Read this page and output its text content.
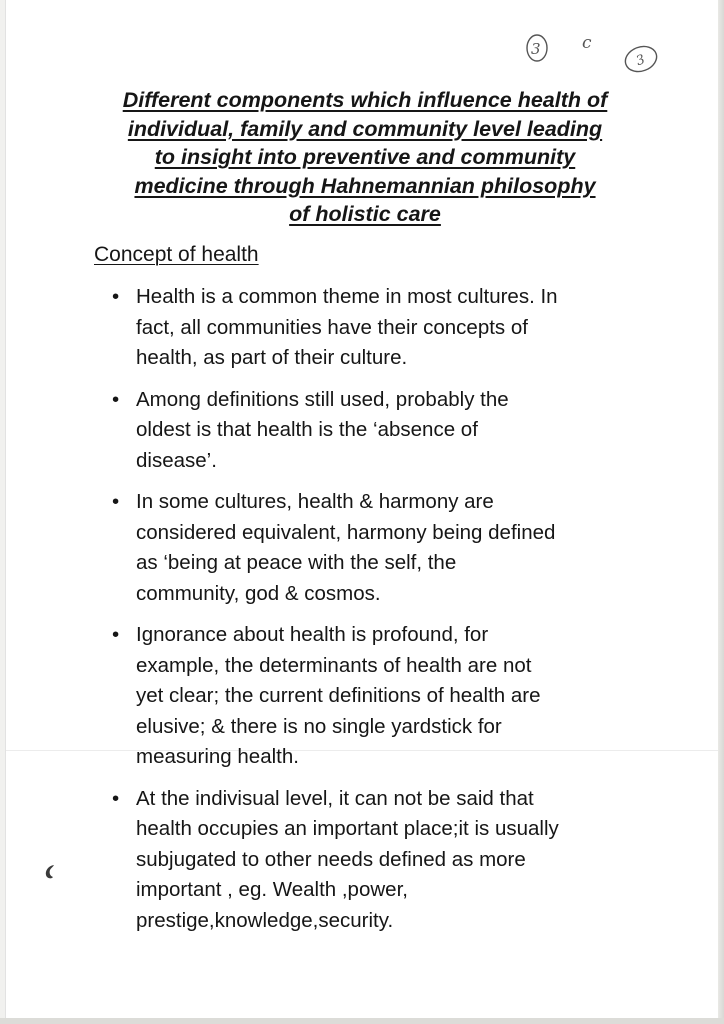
3 c
3
Different components which influence health of
individual, family and community level leading
to insight into preventive and community
medicine through Hahnemannian philosophy
of holistic care
Concept of health
• Health is a common theme in most cultures. In
fact, all communities have their concepts of
health, as part of their culture.
• Among definitions still used, probably the
oldest is that health is the ‘absence of
disease’.
• In some cultures, health & harmony are
considered equivalent, harmony being defined
as ‘being at peace with the self, the
community, god & cosmos.
• Ignorance about health is profound, for
example, the determinants of health are not
yet clear; the current definitions of health are
elusive; & there is no single yardstick for
measuring health.
• At the indivisual level, it can not be said that
health occupies an important place;it is usually
subjugated to other needs defined as more
important , eg. Wealth ,power,
prestige,knowledge,security.
